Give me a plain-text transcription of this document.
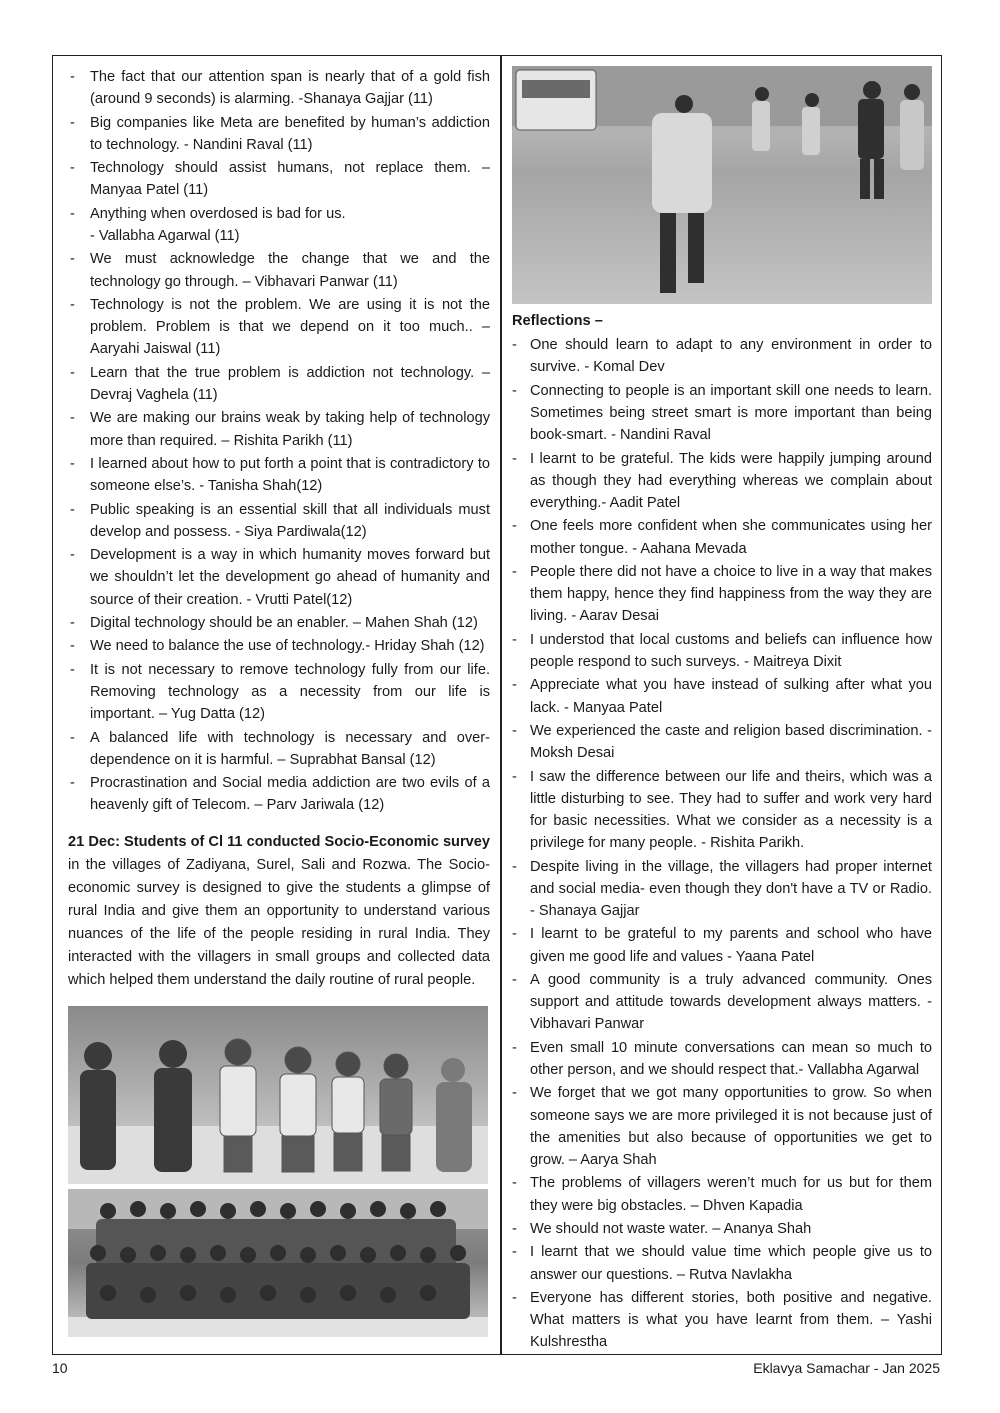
- The fact that our attention span is nearly that of a gold fish (around 9 seconds) is alarming. -Shanaya Gajjar (11)
- Big companies like Meta are benefited by human’s addiction to technology. - Nandini Raval (11)
- Technology should assist humans, not replace them. – Manyaa Patel (11)
- Anything when overdosed is bad for us.
- Vallabha Agarwal (11)
- We must acknowledge the change that we and the technology go through. – Vibhavari Panwar (11)
- Technology is not the problem. We are using it is not the problem. Problem is that we depend on it too much.. – Aaryahi Jaiswal (11)
- Learn that the true problem is addiction not technology. – Devraj Vaghela (11)
- We are making our brains weak by taking help of technology more than required. – Rishita Parikh (11)
- I learned about how to put forth a point that is contradictory to someone else’s. - Tanisha Shah(12)
- Public speaking is an essential skill that all individuals must develop and possess. - Siya Pardiwala(12)
- Development is a way in which humanity moves forward but we shouldn’t let the development go ahead of humanity and source of their creation. - Vrutti Patel(12)
- Digital technology should be an enabler. – Mahen Shah (12)
- We need to balance the use of technology.- Hriday Shah (12)
- It is not necessary to remove technology fully from our life. Removing technology as a necessity from our life is important. – Yug Datta (12)
- A balanced life with technology is necessary and over-dependence on it is harmful. – Suprabhat Bansal (12)
- Procrastination and Social media addiction are two evils of a heavenly gift of Telecom. – Parv Jariwala (12)

21 Dec: Students of Cl 11 conducted Socio-Economic survey in the villages of Zadiyana, Surel, Sali and Rozwa. The Socio-economic survey is designed to give the students a glimpse of rural India and give them an opportunity to understand various nuances of the life of the people residing in rural India. They interacted with the villagers in small groups and collected data which helped them understand the daily routine of rural people.

Reflections –
- One should learn to adapt to any environment in order to survive. - Komal Dev
- Connecting to people is an important skill one needs to learn. Sometimes being street smart is more important than being book-smart. - Nandini Raval
- I learnt to be grateful. The kids were happily jumping around as though they had everything whereas we complain about everything.- Aadit Patel
- One feels more confident when she communicates using her mother tongue. - Aahana Mevada
- People there did not have a choice to live in a way that makes them happy, hence they find happiness from the way they are living. - Aarav Desai
- I understod that local customs and beliefs can influence how people respond to such surveys. - Maitreya Dixit
- Appreciate what you have instead of sulking after what you lack. - Manyaa Patel
- We experienced the caste and religion based discrimination. - Moksh Desai
- I saw the difference between our life and theirs, which was a little disturbing to see. They had to suffer and work very hard for basic necessities. What we consider as a necessity is a privilege for many people. - Rishita Parikh.
- Despite living in the village, the villagers had proper internet and social media- even though they don't have a TV or Radio. - Shanaya Gajjar
- I learnt to be grateful to my parents and school who have given me good life and values - Yaana Patel
- A good community is a truly advanced community. Ones support and attitude towards development always matters. - Vibhavari Panwar
- Even small 10 minute conversations can mean so much to other person, and we should respect that.- Vallabha Agarwal
- We forget that we got many opportunities to grow. So when someone says we are more privileged it is not because just of the amenities but also because of opportunities we get to grow. – Aarya Shah
- The problems of villagers weren’t much for us but for them they were big obstacles. – Dhven Kapadia
- We should not waste water. – Ananya Shah
- I learnt that we should value time which people give us to answer our questions. – Rutva Navlakha
- Everyone has different stories, both positive and negative. What matters is what you have learnt from them. – Yashi Kulshrestha
10	Eklavya Samachar - Jan 2025
